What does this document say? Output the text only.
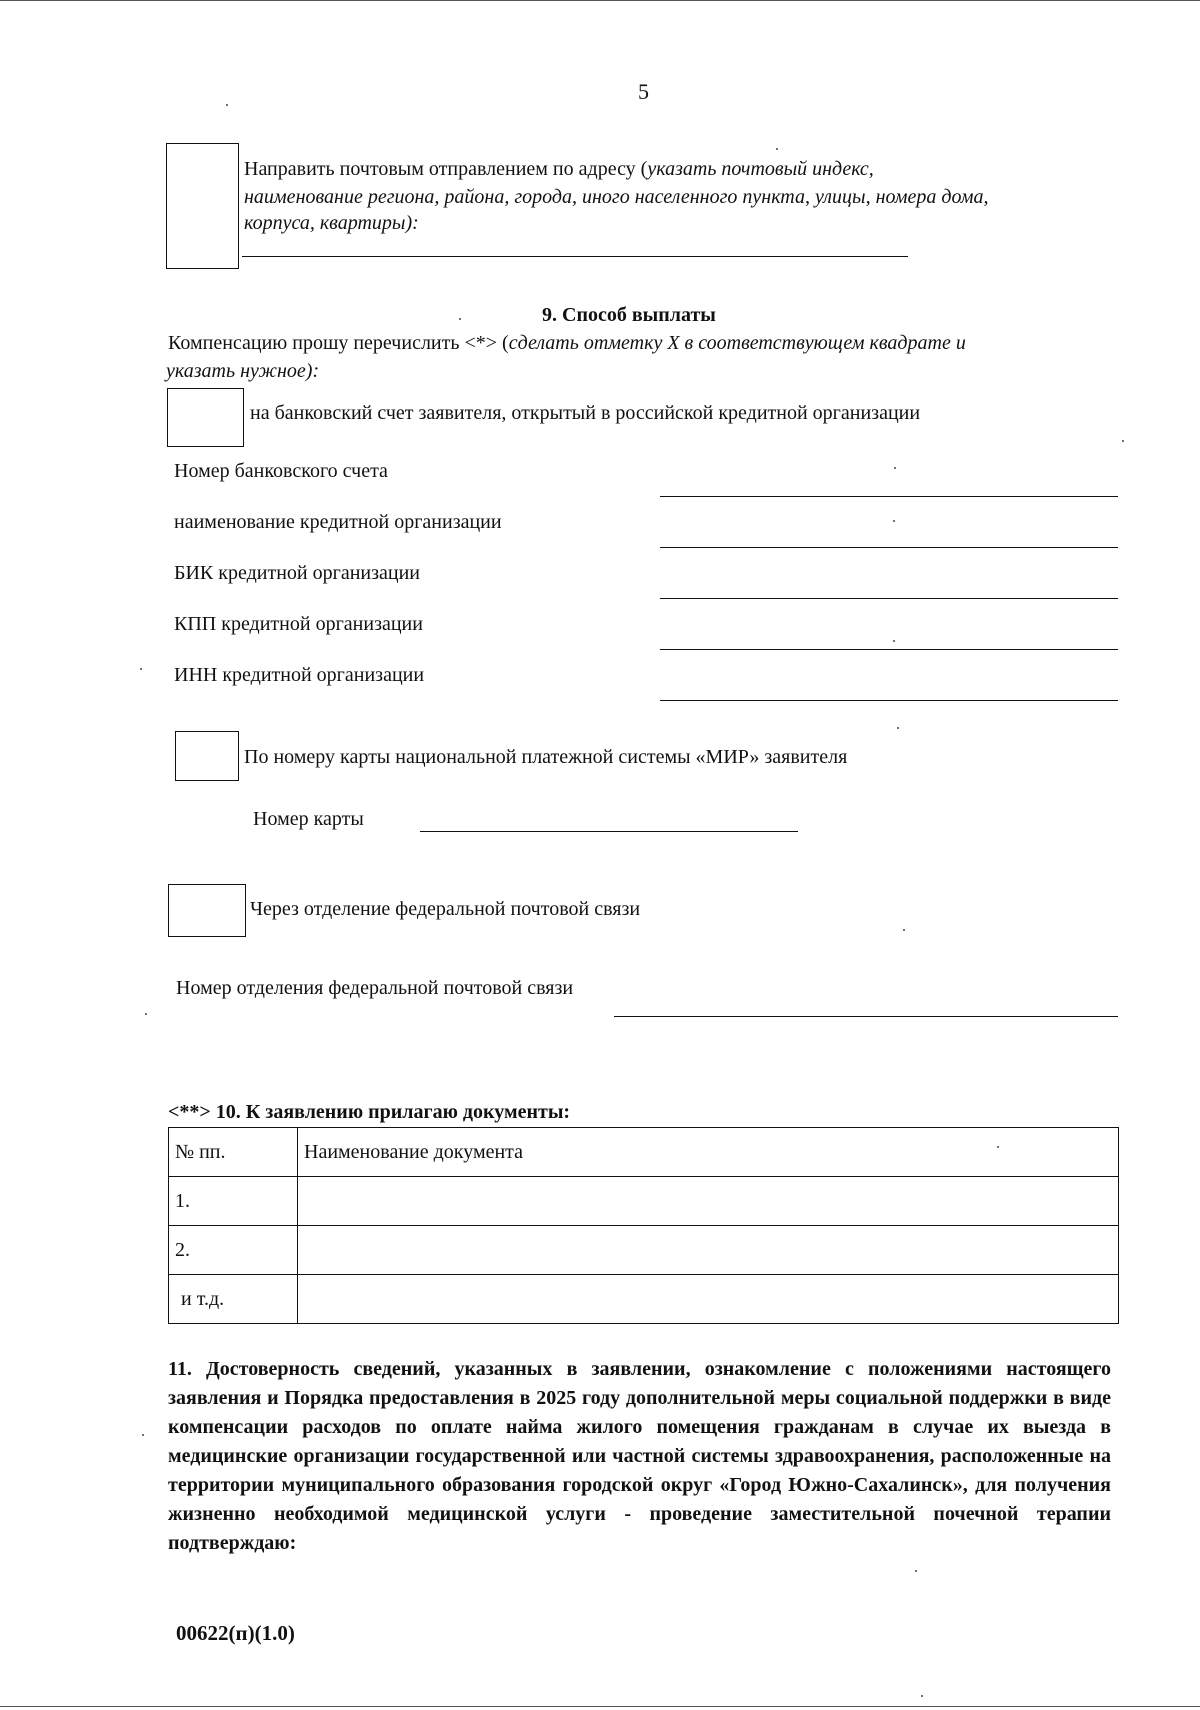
5
Направить почтовым отправлением по адресу (указать почтовый индекс,
наименование региона, района, города, иного населенного пункта, улицы, номера дома,
корпуса, квартиры):
9. Способ выплаты
Компенсацию прошу перечислить <*> (сделать отметку X в соответствующем квадрате и
указать нужное):
на банковский счет заявителя, открытый в российской кредитной организации
Номер банковского счета
наименование кредитной организации
БИК кредитной организации
КПП кредитной организации
ИНН кредитной организации
По номеру карты национальной платежной системы «МИР» заявителя
Номер карты
Через отделение федеральной почтовой связи
Номер отделения федеральной почтовой связи
<**> 10. К заявлению прилагаю документы:
№ пп.	Наименование документа
1.	
2.	
и т.д.	
11. Достоверность сведений, указанных в заявлении, ознакомление с положениями настоящего заявления и Порядка предоставления в 2025 году дополнительной меры социальной поддержки в виде компенсации расходов по оплате найма жилого помещения гражданам в случае их выезда в медицинские организации государственной или частной системы здравоохранения, расположенные на территории муниципального образования городской округ «Город Южно-Сахалинск», для получения жизненно необходимой медицинской услуги - проведение заместительной почечной терапии подтверждаю:
00622(п)(1.0)
